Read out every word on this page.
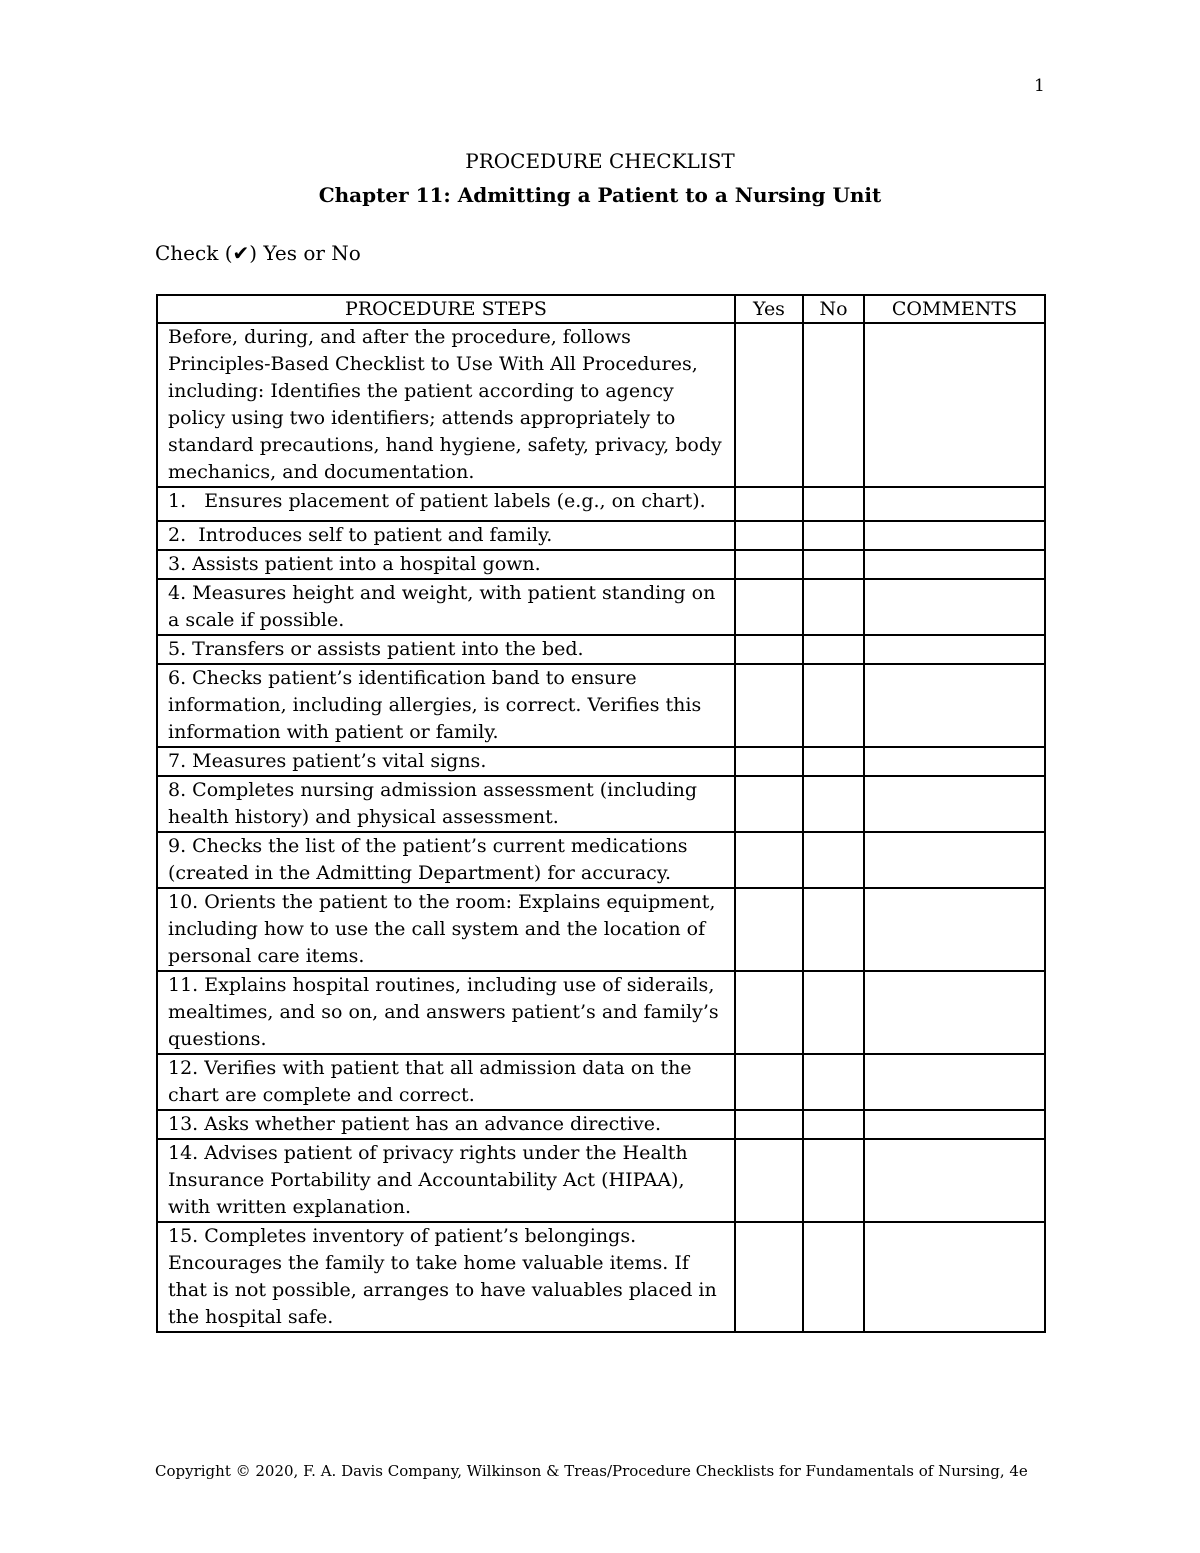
1
PROCEDURE CHECKLIST
Chapter 11: Admitting a Patient to a Nursing Unit
Check (✔) Yes or No
PROCEDURE STEPS	Yes	No	COMMENTS
Before, during, and after the procedure, follows Principles-Based Checklist to Use With All Procedures, including: Identifies the patient according to agency policy using two identifiers; attends appropriately to standard precautions, hand hygiene, safety, privacy, body mechanics, and documentation.			
1.   Ensures placement of patient labels (e.g., on chart).			
2.  Introduces self to patient and family.			
3. Assists patient into a hospital gown.			
4. Measures height and weight, with patient standing on a scale if possible.			
5. Transfers or assists patient into the bed.			
6. Checks patient’s identification band to ensure information, including allergies, is correct. Verifies this information with patient or family.			
7. Measures patient’s vital signs.			
8. Completes nursing admission assessment (including health history) and physical assessment.			
9. Checks the list of the patient’s current medications (created in the Admitting Department) for accuracy.			
10. Orients the patient to the room: Explains equipment, including how to use the call system and the location of personal care items.			
11. Explains hospital routines, including use of siderails, mealtimes, and so on, and answers patient’s and family’s questions.			
12. Verifies with patient that all admission data on the chart are complete and correct.			
13. Asks whether patient has an advance directive.			
14. Advises patient of privacy rights under the Health Insurance Portability and Accountability Act (HIPAA), with written explanation.			
15. Completes inventory of patient’s belongings. Encourages the family to take home valuable items. If that is not possible, arranges to have valuables placed in the hospital safe.			
Copyright © 2020, F. A. Davis Company, Wilkinson & Treas/Procedure Checklists for Fundamentals of Nursing, 4e
